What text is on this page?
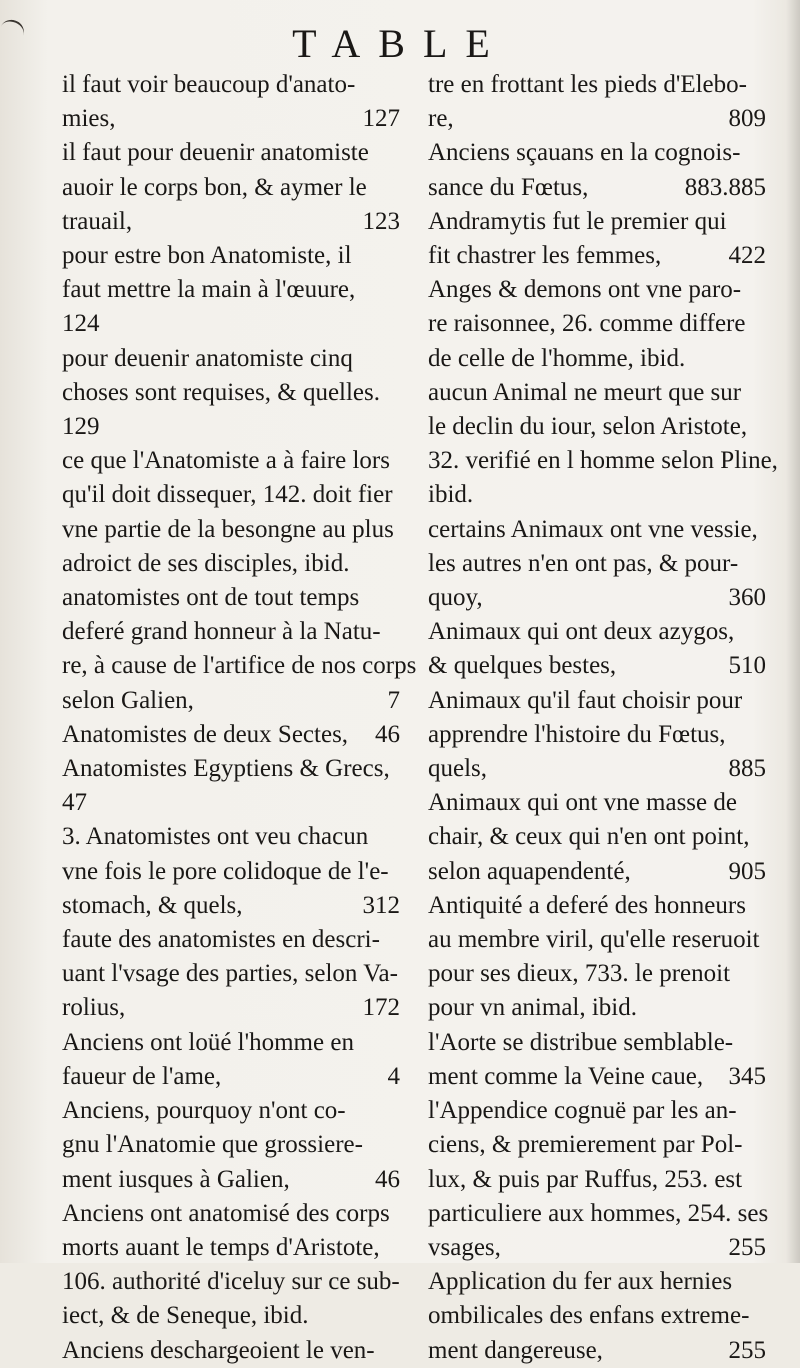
TABLE
il faut voir beaucoup d'anato-
mies,	127
il faut pour deuenir anatomiste
auoir le corps bon, & aymer le
trauail,	123
pour estre bon Anatomiste, il
faut mettre la main à l'œuure,
124
pour deuenir anatomiste cinq
choses sont requises, & quelles.
129
ce que l'Anatomiste a à faire lors
qu'il doit dissequer, 142. doit fier
vne partie de la besongne au plus
adroict de ses disciples, ibid.
anatomistes ont de tout temps
deferé grand honneur à la Natu-
re, à cause de l'artifice de nos corps
selon Galien,	7
Anatomistes de deux Sectes, 46
Anatomistes Egyptiens & Grecs,
47
3. Anatomistes ont veu chacun
vne fois le pore colidoque de l'e-
stomach, & quels,	312
faute des anatomistes en descri-
uant l'vsage des parties, selon Va-
rolius,	172
Anciens ont loüé l'homme en
faueur de l'ame,	4
Anciens, pourquoy n'ont co-
gnu l'Anatomie que grossiere-
ment iusques à Galien,	46
Anciens ont anatomisé des corps
morts auant le temps d'Aristote,
106. authorité d'iceluy sur ce sub-
iect, & de Seneque, ibid.
Anciens deschargeoient le ven-
tre en frottant les pieds d'Elebo-
re,	809
Anciens sçauans en la cognois-
sance du Fœtus,	883.885
Andramytis fut le premier qui
fit chastrer les femmes,	422
Anges & demons ont vne paro-
re raisonnee, 26. comme differe
de celle de l'homme, ibid.
aucun Animal ne meurt que sur
le declin du iour, selon Aristote,
32. verifié en l homme selon Pline,
ibid.
certains Animaux ont vne vessie,
les autres n'en ont pas, & pour-
quoy,	360
Animaux qui ont deux azygos,
& quelques bestes,	510
Animaux qu'il faut choisir pour
apprendre l'histoire du Fœtus,
quels,	885
Animaux qui ont vne masse de
chair, & ceux qui n'en ont point,
selon aquapendenté,	905
Antiquité a deferé des honneurs
au membre viril, qu'elle reseruoit
pour ses dieux, 733. le prenoit
pour vn animal, ibid.
l'Aorte se distribue semblable-
ment comme la Veine caue, 345
l'Appendice cognuë par les an-
ciens, & premierement par Pol-
lux, & puis par Ruffus, 253. est
particuliere aux hommes, 254. ses
vsages,	255
Application du fer aux hernies
ombilicales des enfans extreme-
ment dangereuse,	255
